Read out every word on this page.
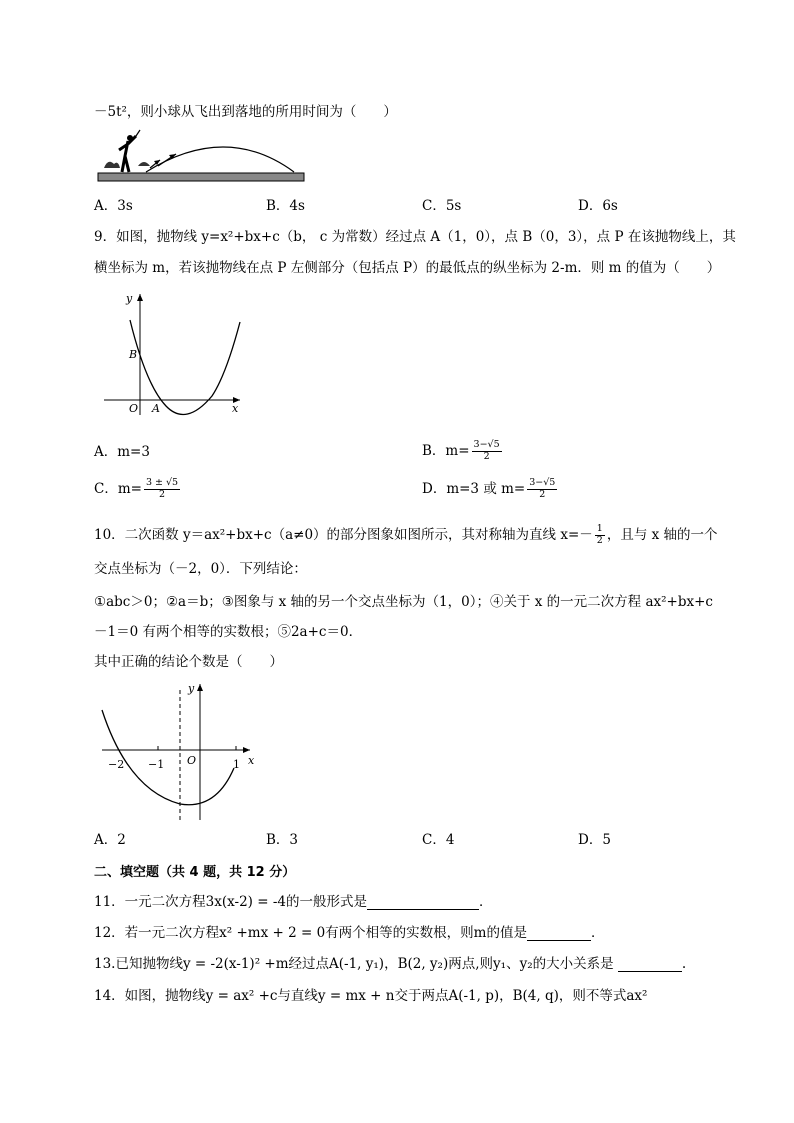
－5t²，则小球从飞出到落地的所用时间为（　　）
A．3s	B．4s	C．5s	D．6s
9．如图，抛物线 y=x²+bx+c（b， c 为常数）经过点 A（1，0），点 B（0，3），点 P 在该抛物线上，其
横坐标为 m，若该抛物线在点 P 左侧部分（包括点 P）的最低点的纵坐标为 2-m．则 m 的值为（　　）
y
x
O A
B
A．m=3	B．$m= \frac{3-√5}{2}$
C．$m= \frac{3 \pm √5}{2}$	D．m=3 或 $m= \frac{3-√5}{2}$
10．二次函数 y＝ax²+bx+c（a≠0）的部分图象如图所示，其对称轴为直线 $x=- \frac{1}{2}$ ，且与 x 轴的一个
交点坐标为（－2，0）．下列结论：
①abc＞0；②a＝b；③图象与 x 轴的另一个交点坐标为（1，0）；④关于 x 的一元二次方程 ax²+bx+c
－1＝0 有两个相等的实数根；⑤2a+c＝0．
其中正确的结论个数是（　　）
y
x
O
−2 −1	1
A．2	B．3	C．4	D．5
二、填空题（共 4 题，共 12 分）
11．一元二次方程3x(x-2) = -4的一般形式是	．
12．若一元二次方程x² +mx + 2 = 0有两个相等的实数根，则m的值是	．
13.已知抛物线y = -2(x-1)² +m经过点A(-1, y₁)，B(2, y₂)两点,则y₁、y₂的大小关系是	.
14．如图，抛物线y = ax² +c与直线y = mx + n交于两点A(-1, p)，B(4, q)，则不等式ax²
